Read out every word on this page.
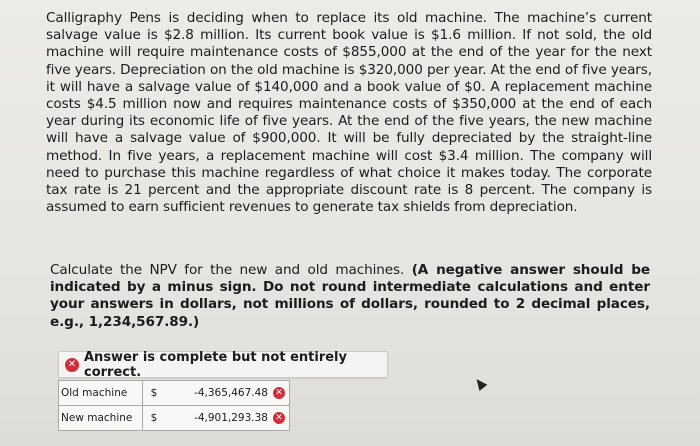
Calligraphy Pens is deciding when to replace its old machine. The machine’s current salvage value is $2.8 million. Its current book value is $1.6 million. If not sold, the old machine will require maintenance costs of $855,000 at the end of the year for the next five years. Depreciation on the old machine is $320,000 per year. At the end of five years, it will have a salvage value of $140,000 and a book value of $0. A replacement machine costs $4.5 million now and requires maintenance costs of $350,000 at the end of each year during its economic life of five years. At the end of the five years, the new machine will have a salvage value of $900,000. It will be fully depreciated by the straight-line method. In five years, a replacement machine will cost $3.4 million. The company will need to purchase this machine regardless of what choice it makes today. The corporate tax rate is 21 percent and the appropriate discount rate is 8 percent. The company is assumed to earn sufficient revenues to generate tax shields from depreciation.

Calculate the NPV for the new and old machines. (A negative answer should be indicated by a minus sign. Do not round intermediate calculations and enter your answers in dollars, not millions of dollars, rounded to 2 decimal places, e.g., 1,234,567.89.)

✕ Answer is complete but not entirely correct.
Old machine	$	-4,365,467.48 ✕

New machine	$	-4,901,293.38 ✕
